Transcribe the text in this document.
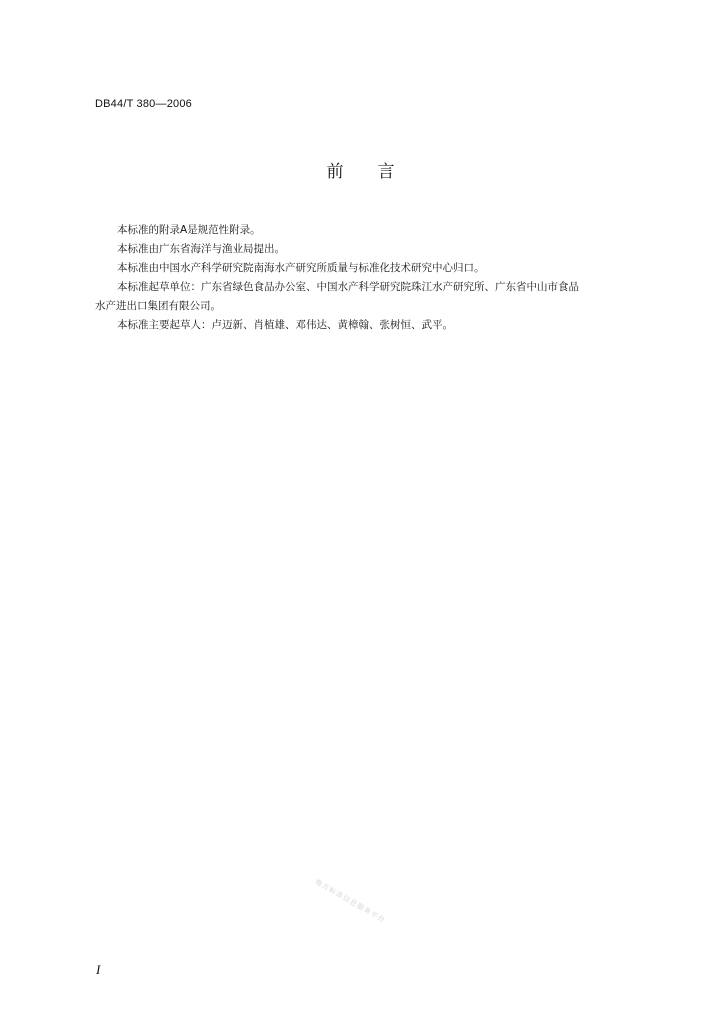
DB44/T 380—2006
前 言

本标准的附录A是规范性附录。

本标准由广东省海洋与渔业局提出。

本标准由中国水产科学研究院南海水产研究所质量与标准化技术研究中心归口。

本标准起草单位：广东省绿色食品办公室、中国水产科学研究院珠江水产研究所、广东省中山市食品
水产进出口集团有限公司。

本标准主要起草人：卢迈新、肖植雄、邓伟达、黄樟翰、张树恒、武平。

地方标准信息服务平台
I
